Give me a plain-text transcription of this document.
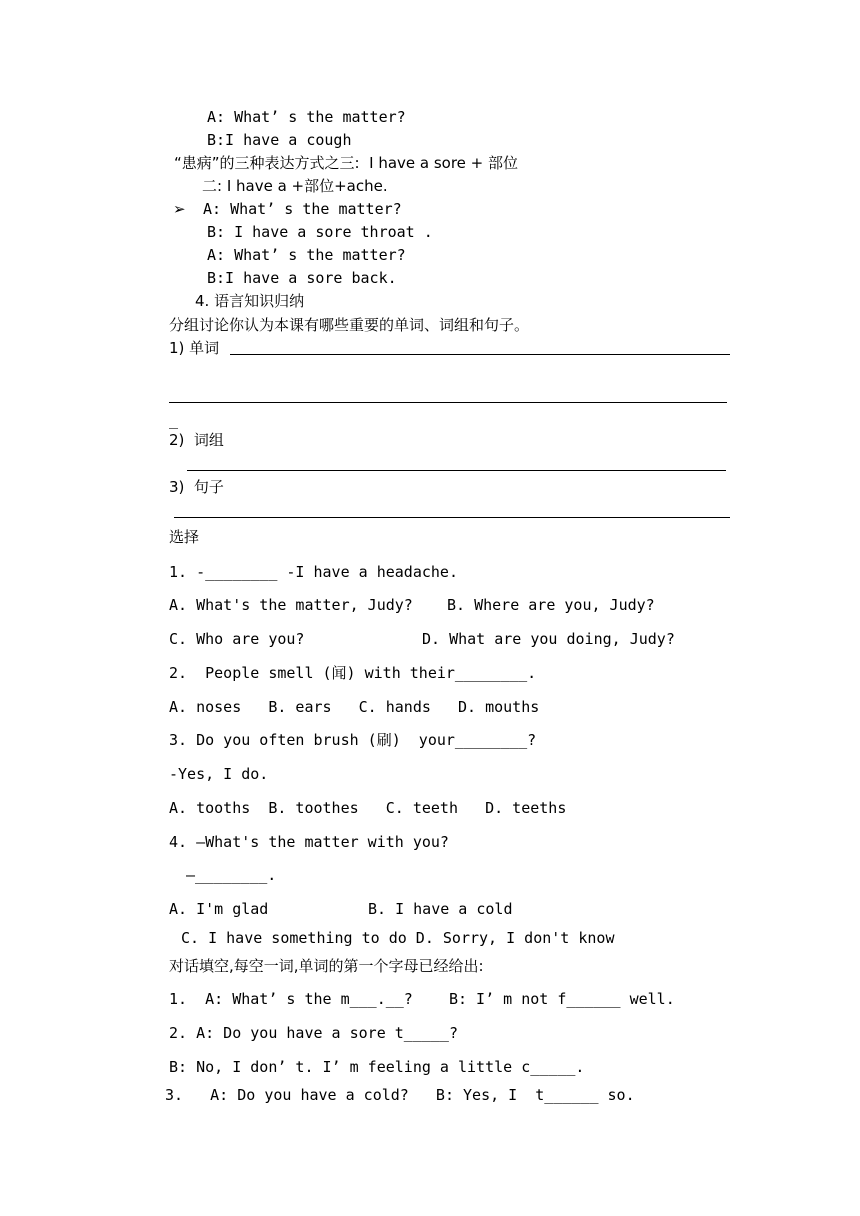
A: What’ s the matter?
B:I have a cough
“患病”的三种表达方式之三:  I have a sore + 部位
二: I have a +部位+ache.
➢ A: What’ s the matter?
B: I have a sore throat .
A: What’ s the matter?
B:I have a sore back.
4. 语言知识归纳
分组讨论你认为本课有哪些重要的单词、词组和句子。
1) 单词
_
2)  词组
3)  句子
选择
1. -________ -I have a headache.
A. What's the matter, Judy? B. Where are you, Judy?
C. Who are you?	D. What are you doing, Judy?
2.  People smell (闻) with their________.
A. noses   B. ears   C. hands   D. mouths
3. Do you often brush (刷)  your________?
-Yes, I do.
A. tooths  B. toothes   C. teeth   D. teeths
4. —What's the matter with you?
—________.
A. I'm glad	B. I have a cold
C. I have something to do D. Sorry, I don't know
对话填空,每空一词,单词的第一个字母已经给出:
1.  A: What’ s the m___.__?    B: I’ m not f______ well.
2. A: Do you have a sore t_____?
B: No, I don’ t. I’ m feeling a little c_____.
3.   A: Do you have a cold?   B: Yes, I  t______ so.
